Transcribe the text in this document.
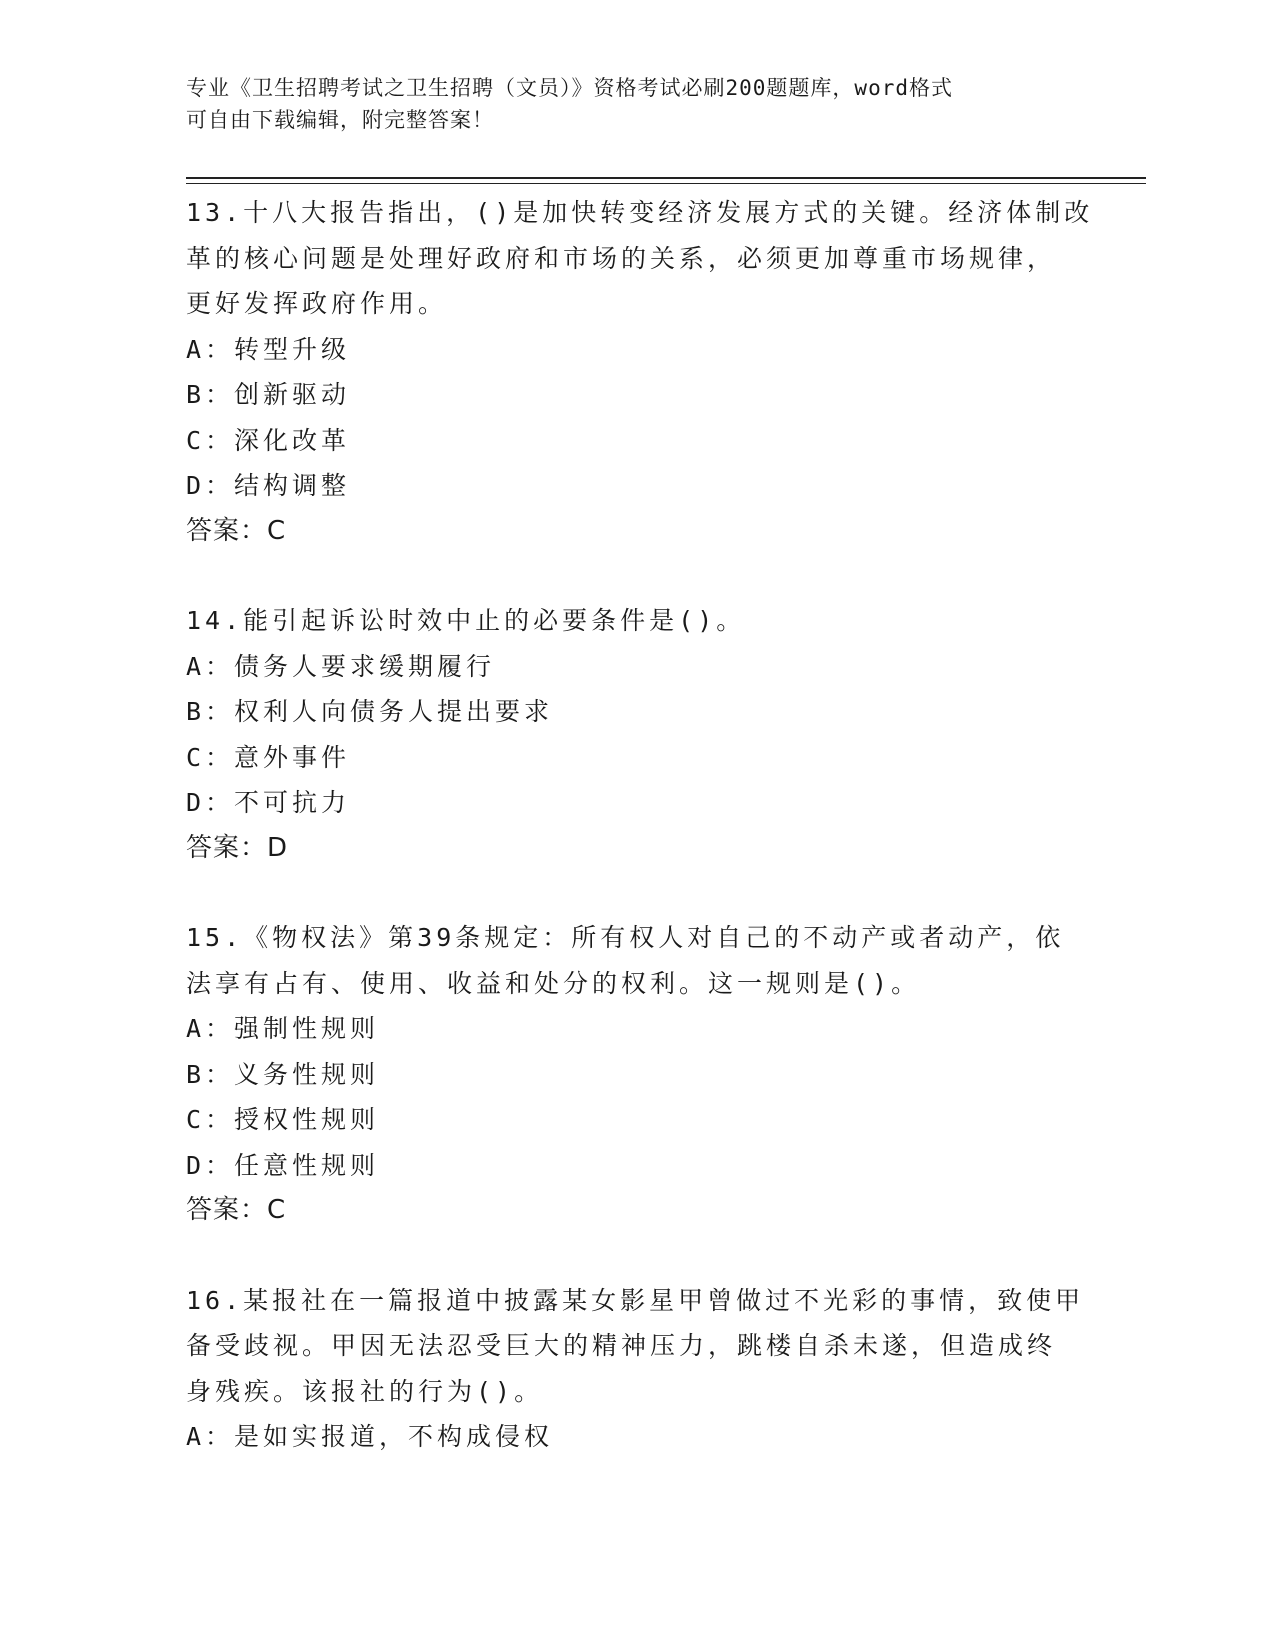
专业《卫生招聘考试之卫生招聘（文员）》资格考试必刷200题题库，word格式
可自由下载编辑，附完整答案！
13.十八大报告指出，()是加快转变经济发展方式的关键。经济体制改
革的核心问题是处理好政府和市场的关系，必须更加尊重市场规律，
更好发挥政府作用。
A：转型升级
B：创新驱动
C：深化改革
D：结构调整
答案：C
14.能引起诉讼时效中止的必要条件是()。
A：债务人要求缓期履行
B：权利人向债务人提出要求
C：意外事件
D：不可抗力
答案：D
15.《物权法》第39条规定：所有权人对自己的不动产或者动产，依
法享有占有、使用、收益和处分的权利。这一规则是()。
A：强制性规则
B：义务性规则
C：授权性规则
D：任意性规则
答案：C
16.某报社在一篇报道中披露某女影星甲曾做过不光彩的事情，致使甲
备受歧视。甲因无法忍受巨大的精神压力，跳楼自杀未遂，但造成终
身残疾。该报社的行为()。
A：是如实报道，不构成侵权
